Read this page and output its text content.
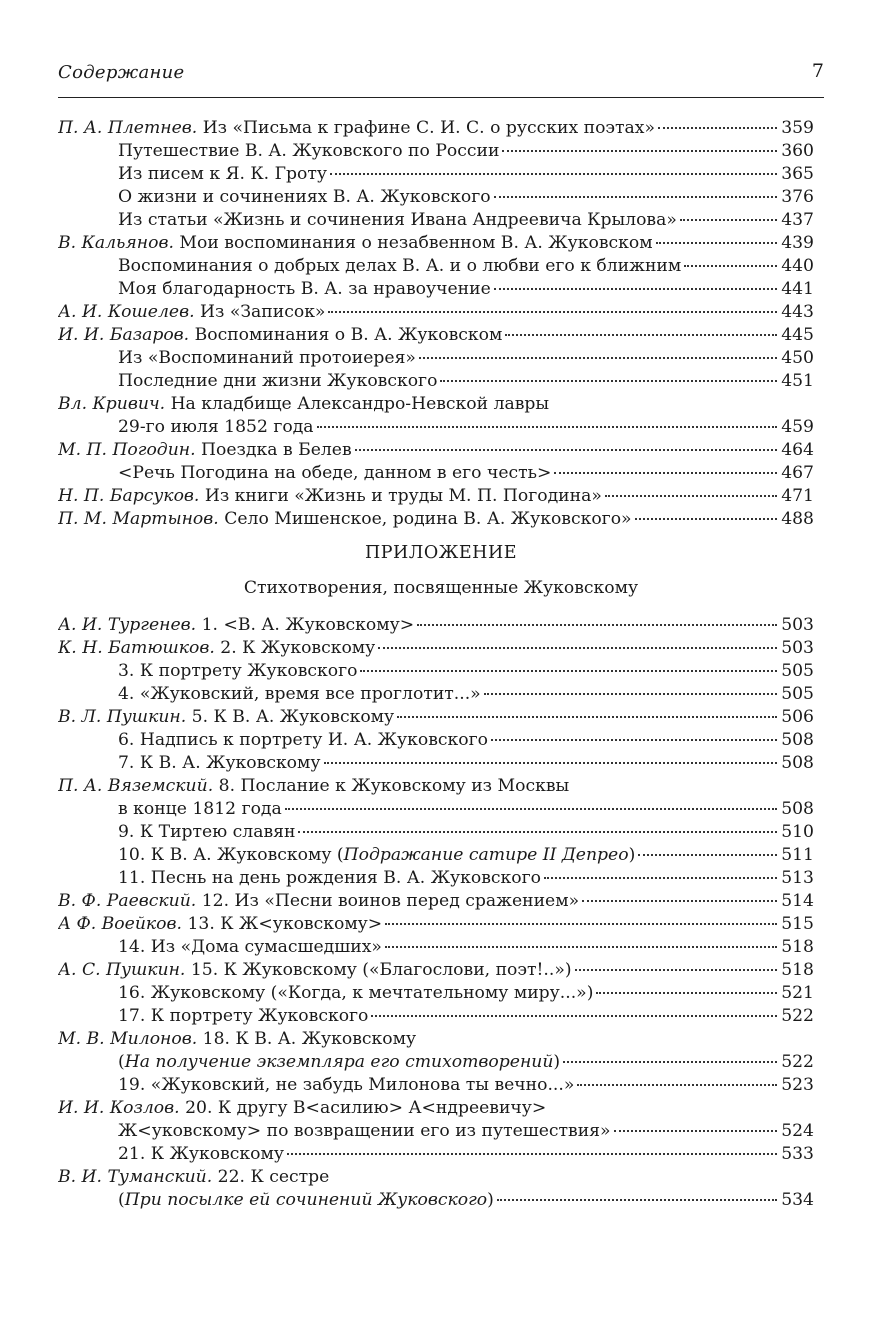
Содержание	7
П. А. Плетнев. Из «Письма к графине С. И. С. о русских поэтах»	359
Путешествие В. А. Жуковского по России	360
Из писем к Я. К. Гроту	365
О жизни и сочинениях В. А. Жуковского	376
Из статьи «Жизнь и сочинения Ивана Андреевича Крылова»	437
В. Кальянов. Мои воспоминания о незабвенном В. А. Жуковском	439
Воспоминания о добрых делах В. А. и о любви его к ближним	440
Моя благодарность В. А. за нравоучение	441
А. И. Кошелев. Из «Записок»	443
И. И. Базаров. Воспоминания о В. А. Жуковском	445
Из «Воспоминаний протоиерея»	450
Последние дни жизни Жуковского	451
Вл. Кривич. На кладбище Александро-Невской лавры
29-го июля 1852 года	459
М. П. Погодин. Поездка в Белев	464
<Речь Погодина на обеде, данном в его честь>	467
Н. П. Барсуков. Из книги «Жизнь и труды М. П. Погодина»	471
П. М. Мартынов. Село Мишенское, родина В. А. Жуковского»	488
ПРИЛОЖЕНИЕ
Стихотворения, посвященные Жуковскому
А. И. Тургенев. 1. <В. А. Жуковскому>	503
К. Н. Батюшков. 2. К Жуковскому	503
3. К портрету Жуковского	505
4. «Жуковский, время все проглотит...»	505
В. Л. Пушкин. 5. К В. А. Жуковскому	506
6. Надпись к портрету И. А. Жуковского	508
7. К В. А. Жуковскому	508
П. А. Вяземский. 8. Послание к Жуковскому из Москвы
в конце 1812 года	508
9. К Тиртею славян	510
10. К В. А. Жуковскому (Подражание сатире II Депрео)	511
11. Песнь на день рождения В. А. Жуковского	513
В. Ф. Раевский. 12. Из «Песни воинов перед сражением»	514
А Ф. Воейков. 13. К Ж<уковскому>	515
14. Из «Дома сумасшедших»	518
А. С. Пушкин. 15. К Жуковскому («Благослови, поэт!..»)	518
16. Жуковскому («Когда, к мечтательному миру...»)	521
17. К портрету Жуковского	522
М. В. Милонов. 18. К В. А. Жуковскому
(На получение экземпляра его стихотворений)	522
19. «Жуковский, не забудь Милонова ты вечно...»	523
И. И. Козлов. 20. К другу В<асилию> А<ндреевичу>
Ж<уковскому> по возвращении его из путешествия»	524
21. К Жуковскому	533
В. И. Туманский. 22. К сестре
(При посылке ей сочинений Жуковского)	534
